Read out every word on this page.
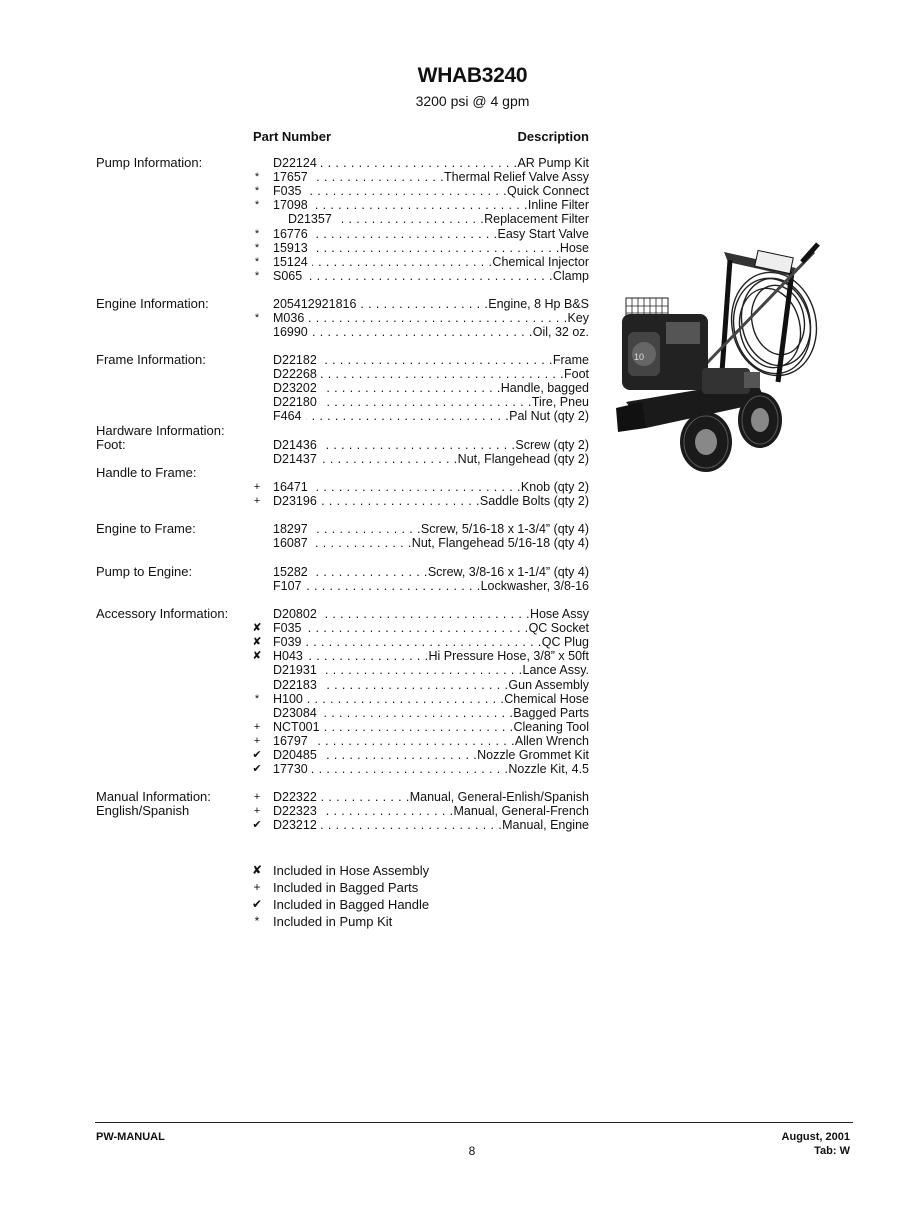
WHAB3240
3200 psi @ 4 gpm
Part Number	Description
Pump Information:	D22124 . . .	AR Pump Kit
*	17657 . . .	Thermal Relief Valve Assy
*	F035 . . .	Quick Connect
*	17098 . . .	Inline Filter
D21357 . . .	Replacement Filter
*	16776 . . .	Easy Start Valve
*	15913 . . .	Hose
*	15124 . . .	Chemical Injector
*	S065 . . .	Clamp
Engine Information:	205412921816 . . .	Engine, 8 Hp B&S
*	M036 . . .	Key
16990 . . .	Oil, 32 oz.
Frame Information:	D22182 . . .	Frame
D22268 . . .	Foot
D23202 . . .	Handle, bagged
D22180 . . .	Tire, Pneu
F464 . . .	Pal Nut (qty 2)
Hardware Information:
Foot:	D21436 . . .	Screw (qty 2)
D21437 . . .	Nut, Flangehead (qty 2)
Handle to Frame:
+	16471 . . .	Knob (qty 2)
+	D23196 . . .	Saddle Bolts (qty 2)
Engine to Frame:	18297 . . .	Screw, 5/16-18 x 1-3/4” (qty 4)
16087 . . .	Nut, Flangehead 5/16-18 (qty 4)
Pump to Engine:	15282 . . .	Screw, 3/8-16 x 1-1/4” (qty 4)
F107 . . .	Lockwasher, 3/8-16
Accessory Information:	D20802 . . .	Hose Assy
✘ F035 . . .	QC Socket
✘ F039 . . .	QC Plug
✘ H043 . . .	Hi Pressure Hose, 3/8” x 50ft
D21931 . . .	Lance Assy.
D22183 . . .	Gun Assembly
*	H100 . . .	Chemical Hose
D23084 . . .	Bagged Parts
+	NCT001 . . .	Cleaning Tool
+	16797 . . .	Allen Wrench
✔ D20485 . . .	Nozzle Grommet Kit
✔ 17730 . . .	Nozzle Kit, 4.5
Manual Information:
English/Spanish
+	D22322 . . .	Manual, General-Enlish/Spanish
+	D22323 . . .	Manual, General-French
✔ D23212 . . .	Manual, Engine
10
PW-MANUAL
8
August, 2001
Tab: W
✘ Included in Hose Assembly
+ Included in Bagged Parts
✔ Included in Bagged Handle
*	Included in Pump Kit
